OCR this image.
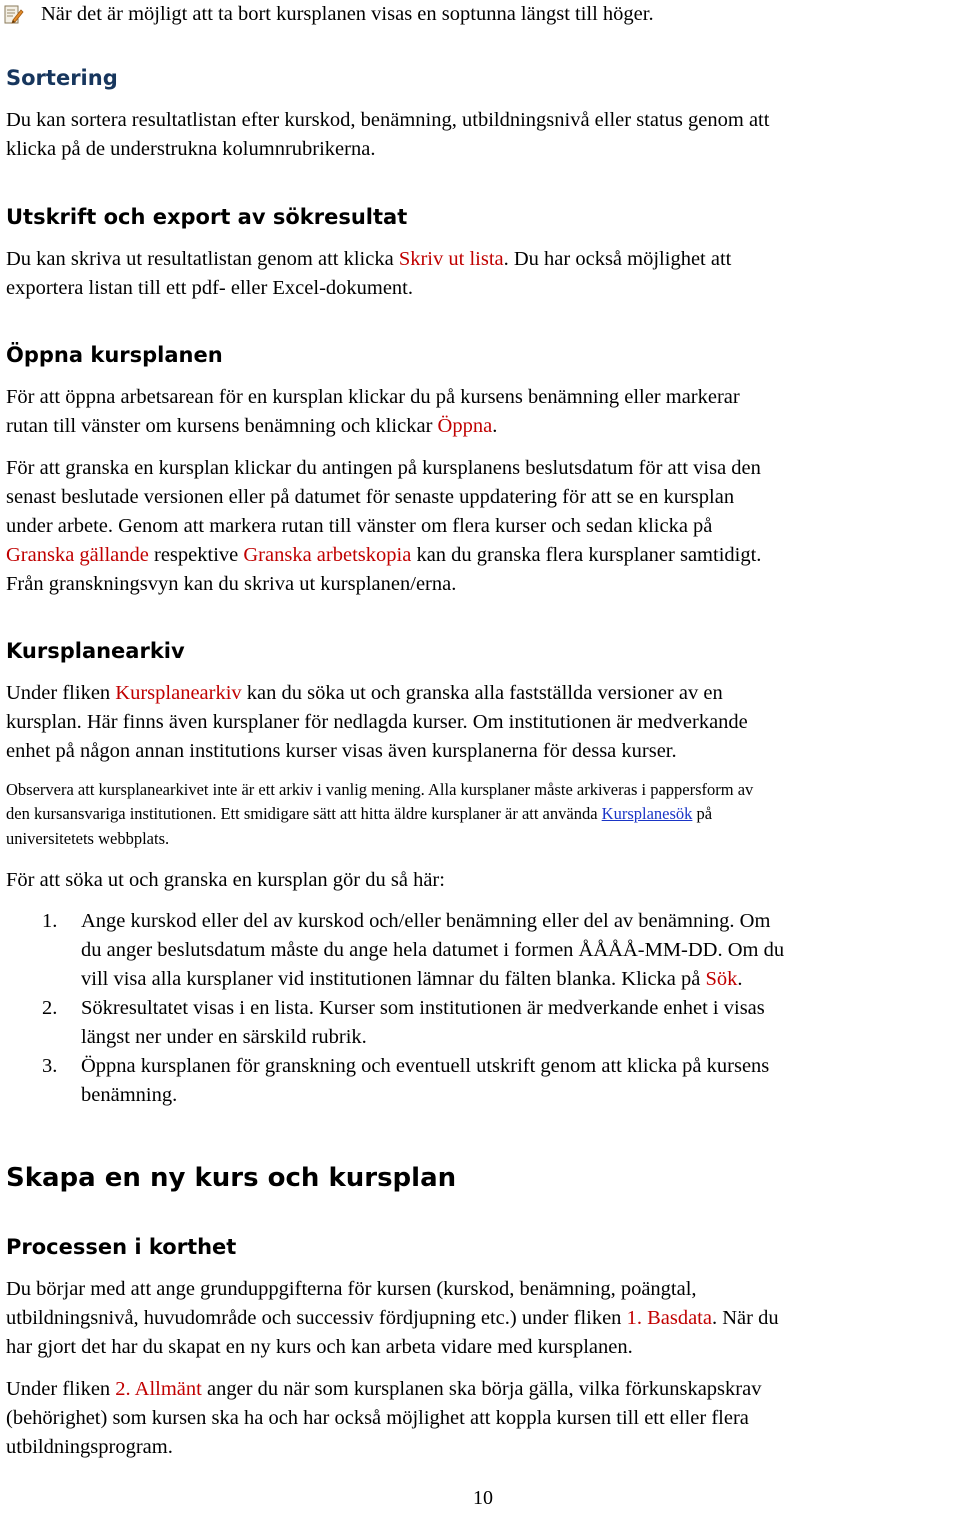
När det är möjligt att ta bort kursplanen visas en soptunna längst till höger.
Sortering
Du kan sortera resultatlistan efter kurskod, benämning, utbildningsnivå eller status genom att
klicka på de understrukna kolumnrubrikerna.
Utskrift och export av sökresultat
Du kan skriva ut resultatlistan genom att klicka Skriv ut lista. Du har också möjlighet att
exportera listan till ett pdf- eller Excel-dokument.
Öppna kursplanen
För att öppna arbetsarean för en kursplan klickar du på kursens benämning eller markerar
rutan till vänster om kursens benämning och klickar Öppna.
För att granska en kursplan klickar du antingen på kursplanens beslutsdatum för att visa den
senast beslutade versionen eller på datumet för senaste uppdatering för att se en kursplan
under arbete. Genom att markera rutan till vänster om flera kurser och sedan klicka på
Granska gällande respektive Granska arbetskopia kan du granska flera kursplaner samtidigt.
Från granskningsvyn kan du skriva ut kursplanen/erna.
Kursplanearkiv
Under fliken Kursplanearkiv kan du söka ut och granska alla fastställda versioner av en
kursplan. Här finns även kursplaner för nedlagda kurser. Om institutionen är medverkande
enhet på någon annan institutions kurser visas även kursplanerna för dessa kurser.
Observera att kursplanearkivet inte är ett arkiv i vanlig mening. Alla kursplaner måste arkiveras i pappersform av
den kursansvariga institutionen. Ett smidigare sätt att hitta äldre kursplaner är att använda Kursplanesök på
universitetets webbplats.
För att söka ut och granska en kursplan gör du så här:
1. Ange kurskod eller del av kurskod och/eller benämning eller del av benämning. Om
du anger beslutsdatum måste du ange hela datumet i formen ÅÅÅÅ-MM-DD. Om du
vill visa alla kursplaner vid institutionen lämnar du fälten blanka. Klicka på Sök.
2. Sökresultatet visas i en lista. Kurser som institutionen är medverkande enhet i visas
längst ner under en särskild rubrik.
3. Öppna kursplanen för granskning och eventuell utskrift genom att klicka på kursens
benämning.
Skapa en ny kurs och kursplan
Processen i korthet
Du börjar med att ange grunduppgifterna för kursen (kurskod, benämning, poängtal,
utbildningsnivå, huvudområde och successiv fördjupning etc.) under fliken 1. Basdata. När du
har gjort det har du skapat en ny kurs och kan arbeta vidare med kursplanen.
Under fliken 2. Allmänt anger du när som kursplanen ska börja gälla, vilka förkunskapskrav
(behörighet) som kursen ska ha och har också möjlighet att koppla kursen till ett eller flera
utbildningsprogram.
10
